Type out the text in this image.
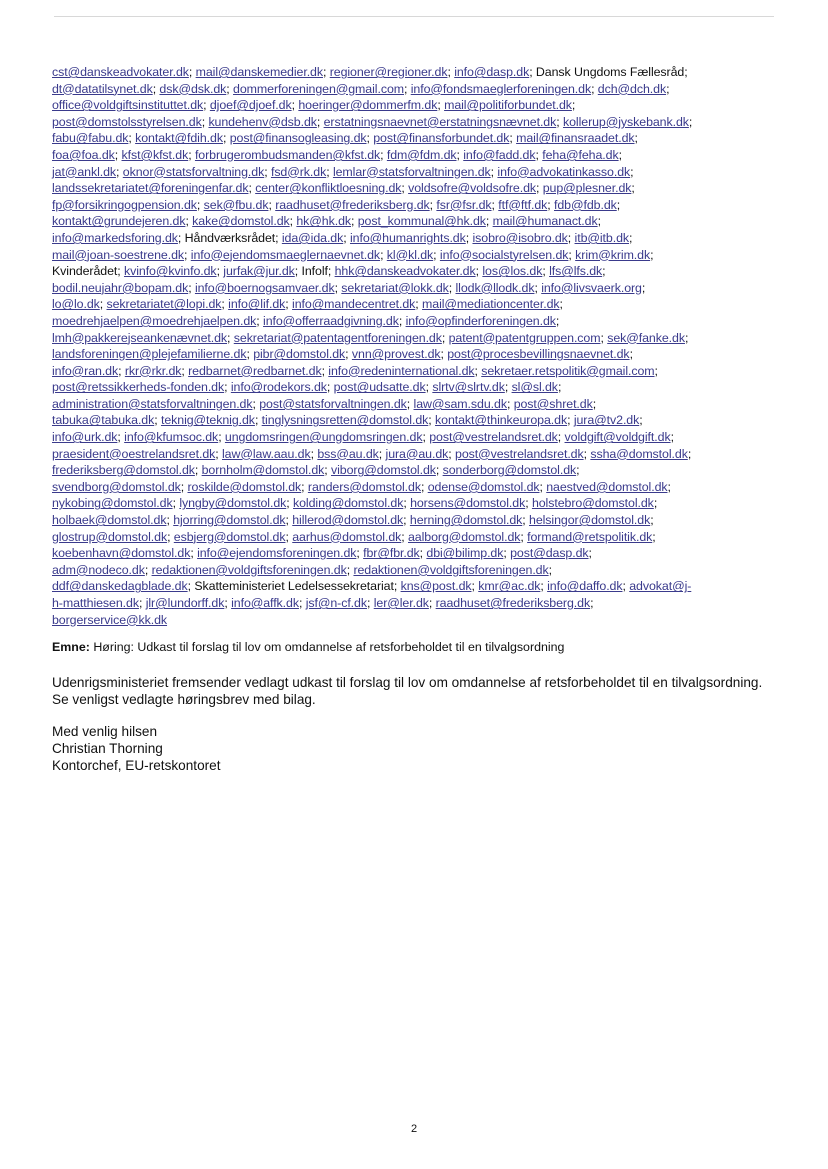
cst@danskeadvokater.dk; mail@danskemedier.dk; regioner@regioner.dk; info@dasp.dk; Dansk Ungdoms Fællesråd;
dt@datatilsynet.dk; dsk@dsk.dk; dommerforeningen@gmail.com; info@fondsmaeglerforeningen.dk; dch@dch.dk;
office@voldgiftsinstituttet.dk; djoef@djoef.dk; hoeringer@dommerfm.dk; mail@politiforbundet.dk;
post@domstolsstyrelsen.dk; kundehenv@dsb.dk; erstatningsnaevnet@erstatningsnævnet.dk; kollerup@jyskebank.dk;
fabu@fabu.dk; kontakt@fdih.dk; post@finansogleasing.dk; post@finansforbundet.dk; mail@finansraadet.dk;
foa@foa.dk; kfst@kfst.dk; forbrugerombudsmanden@kfst.dk; fdm@fdm.dk; info@fadd.dk; feha@feha.dk;
jat@ankl.dk; oknor@statsforvaltning.dk; fsd@rk.dk; lemlar@statsforvaltningen.dk; info@advokatinkasso.dk;
landssekretariatet@foreningenfar.dk; center@konfliktloesning.dk; voldsofre@voldsofre.dk; pup@plesner.dk;
fp@forsikringogpension.dk; sek@fbu.dk; raadhuset@frederiksberg.dk; fsr@fsr.dk; ftf@ftf.dk; fdb@fdb.dk;
kontakt@grundejeren.dk; kake@domstol.dk; hk@hk.dk; post_kommunal@hk.dk; mail@humanact.dk;
info@markedsforing.dk; Håndværksrådet; ida@ida.dk; info@humanrights.dk; isobro@isobro.dk; itb@itb.dk;
mail@joan-soestrene.dk; info@ejendomsmaeglernaevnet.dk; kl@kl.dk; info@socialstyrelsen.dk; krim@krim.dk;
Kvinderådet; kvinfo@kvinfo.dk; jurfak@jur.dk; Infolf; hhk@danskeadvokater.dk; los@los.dk; lfs@lfs.dk;
bodil.neujahr@bopam.dk; info@boernogsamvaer.dk; sekretariat@lokk.dk; llodk@llodk.dk; info@livsvaerk.org;
lo@lo.dk; sekretariatet@lopi.dk; info@lif.dk; info@mandecentret.dk; mail@mediationcenter.dk;
moedrehjaelpen@moedrehjaelpen.dk; info@offerraadgivning.dk; info@opfinderforeningen.dk;
lmh@pakkerejseankenævnet.dk; sekretariat@patentagentforeningen.dk; patent@patentgruppen.com; sek@fanke.dk;
landsforeningen@plejefamilierne.dk; pibr@domstol.dk; vnn@provest.dk; post@procesbevillingsnaevnet.dk;
info@ran.dk; rkr@rkr.dk; redbarnet@redbarnet.dk; info@redeninternational.dk; sekretaer.retspolitik@gmail.com;
post@retssikkerheds-fonden.dk; info@rodekors.dk; post@udsatte.dk; slrtv@slrtv.dk; sl@sl.dk;
administration@statsforvaltningen.dk; post@statsforvaltningen.dk; law@sam.sdu.dk; post@shret.dk;
tabuka@tabuka.dk; teknig@teknig.dk; tinglysningsretten@domstol.dk; kontakt@thinkeuropa.dk; jura@tv2.dk;
info@urk.dk; info@kfumsoc.dk; ungdomsringen@ungdomsringen.dk; post@vestrelandsret.dk; voldgift@voldgift.dk;
praesident@oestrelandsret.dk; law@law.aau.dk; bss@au.dk; jura@au.dk; post@vestrelandsret.dk; ssha@domstol.dk;
frederiksberg@domstol.dk; bornholm@domstol.dk; viborg@domstol.dk; sonderborg@domstol.dk;
svendborg@domstol.dk; roskilde@domstol.dk; randers@domstol.dk; odense@domstol.dk; naestved@domstol.dk;
nykobing@domstol.dk; lyngby@domstol.dk; kolding@domstol.dk; horsens@domstol.dk; holstebro@domstol.dk;
holbaek@domstol.dk; hjorring@domstol.dk; hillerod@domstol.dk; herning@domstol.dk; helsingor@domstol.dk;
glostrup@domstol.dk; esbjerg@domstol.dk; aarhus@domstol.dk; aalborg@domstol.dk; formand@retspolitik.dk;
koebenhavn@domstol.dk; info@ejendomsforeningen.dk; fbr@fbr.dk; dbi@bilimp.dk; post@dasp.dk;
adm@nodeco.dk; redaktionen@voldgiftsforeningen.dk; redaktionen@voldgiftsforeningen.dk;
ddf@danskedagblade.dk; Skatteministeriet Ledelsessekretariat; kns@post.dk; kmr@ac.dk; info@daffo.dk; advokat@j-
h-matthiesen.dk; jlr@lundorff.dk; info@affk.dk; jsf@n-cf.dk; ler@ler.dk; raadhuset@frederiksberg.dk;
borgerservice@kk.dk
Emne: Høring: Udkast til forslag til lov om omdannelse af retsforbeholdet til en tilvalgsordning

Udenrigsministeriet fremsender vedlagt udkast til forslag til lov om omdannelse af retsforbeholdet til en tilvalgsordning. Se venligst vedlagte høringsbrev med bilag.

Med venlig hilsen
Christian Thorning
Kontorchef, EU-retskontoret
2
